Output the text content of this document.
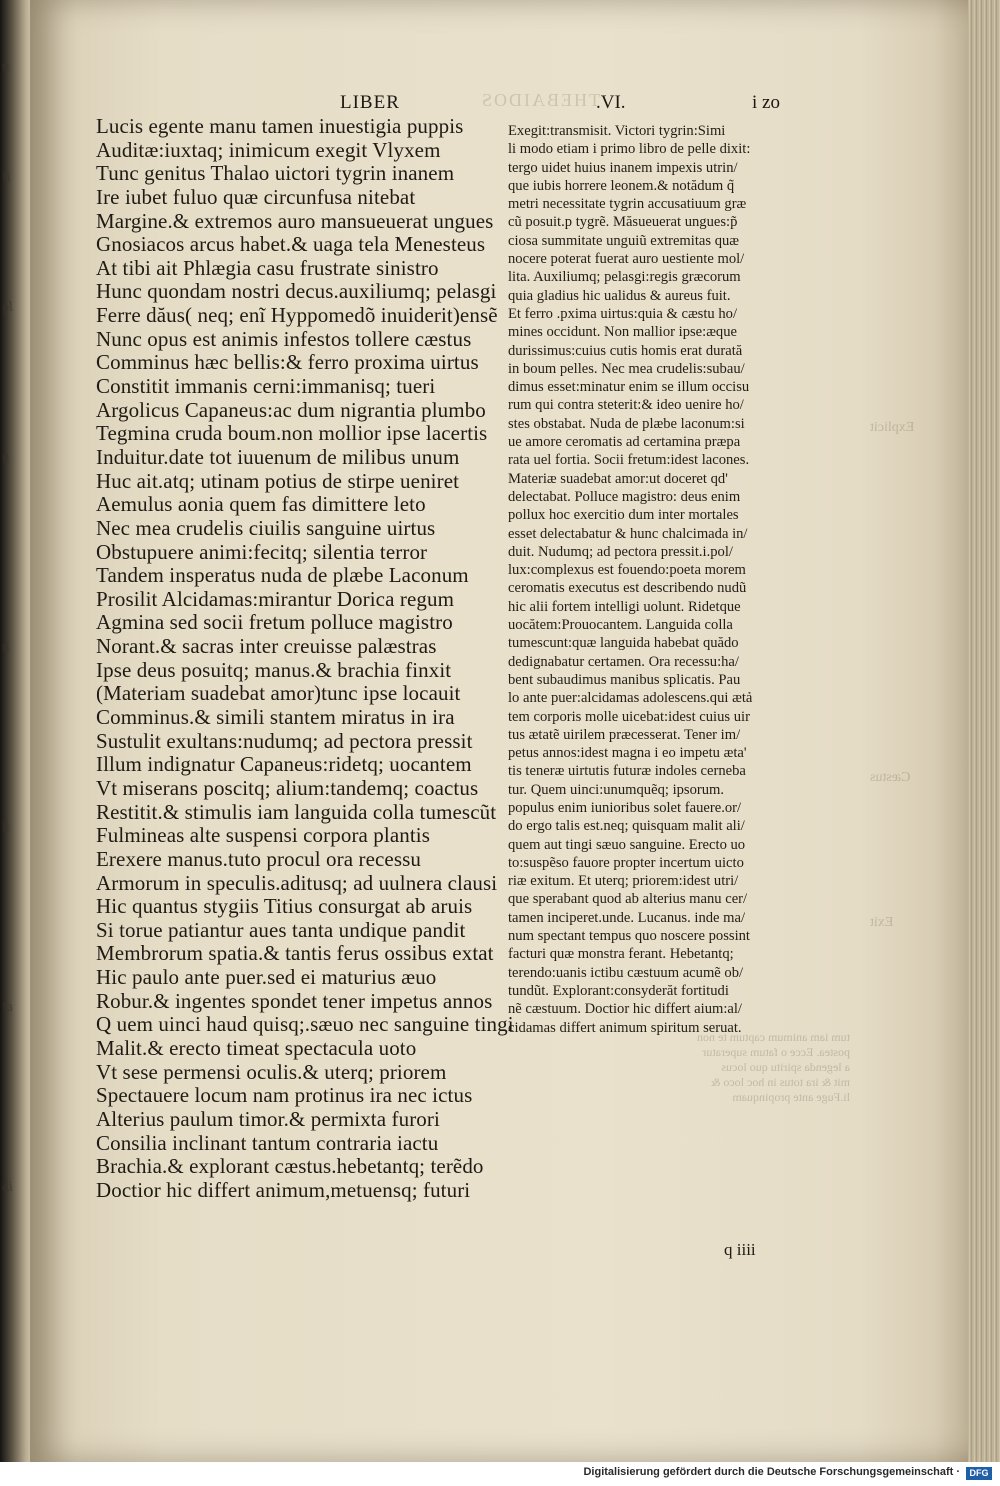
ti
fi
pl
p
ti
li
fa
di
THEBAIDOS
Explicit
Cæstus
Exit
LIBER	.VI.	i zo
Lucis egente manu tamen inuestigia puppis
Auditæ:iuxtaq; inimicum exegit Vlyxem
Tunc genitus Thalao uictori tygrin inanem
Ire iubet fuluo quæ circunfusa nitebat
Margine.& extremos auro mansueuerat ungues
Gnosiacos arcus habet.& uaga tela Menesteus
At tibi ait Phlægia casu frustrate sinistro
Hunc quondam nostri decus.auxiliumq; pelasgi
Ferre dăus( neq; enĩ Hyppomedõ inuiderit)ensẽ
Nunc opus est animis infestos tollere cæstus
Comminus hæc bellis:& ferro proxima uirtus
Constitit immanis cerni:immanisq; tueri
Argolicus Capaneus:ac dum nigrantia plumbo
Tegmina cruda boum.non mollior ipse lacertis
Induitur.date tot iuuenum de milibus unum
Huc ait.atq; utinam potius de stirpe ueniret
Aemulus aonia quem fas dimittere leto
Nec mea crudelis ciuilis sanguine uirtus
Obstupuere animi:fecitq; silentia terror
Tandem insperatus nuda de plæbe Laconum
Prosilit Alcidamas:mirantur Dorica regum
Agmina sed socii fretum polluce magistro
Norant.& sacras inter creuisse palæstras
Ipse deus posuitq; manus.& brachia finxit
(Materiam suadebat amor)tunc ipse locauit
Comminus.& simili stantem miratus in ira
Sustulit exultans:nudumq; ad pectora pressit
Illum indignatur Capaneus:ridetq; uocantem
Vt miserans poscitq; alium:tandemq; coactus
Restitit.& stimulis iam languida colla tumescũt
Fulmineas alte suspensi corpora plantis
Erexere manus.tuto procul ora recessu
Armorum in speculis.aditusq; ad uulnera clausi
Hic quantus stygiis Titius consurgat ab aruis
Si torue patiantur aues tanta undique pandit
Membrorum spatia.& tantis ferus ossibus extat
Hic paulo ante puer.sed ei maturius æuo
Robur.& ingentes spondet tener impetus annos
Q uem uinci haud quisq;.sæuo nec sanguine tingi
Malit.& erecto timeat spectacula uoto
Vt sese permensi oculis.& uterq; priorem
Spectauere locum nam protinus ira nec ictus
Alterius paulum timor.& permixta furori
Consilia inclinant tantum contraria iactu
Brachia.& explorant cæstus.hebetantq; terẽdo
Doctior hic differt animum,metuensq; futuri
Exegit:transmisit. Victori tygrin:Simi
li modo etiam i primo libro de pelle dixit:
tergo uidet huius inanem impexis utrin/
que iubis horrere leonem.& notădum q̃
metri necessitate tygrin accusatiuum græ
cũ posuit.p tygrẽ. Măsueuerat ungues:p̃
ciosa summitate unguiũ extremitas quæ
nocere poterat fuerat auro uestiente mol/
lita. Auxiliumq; pelasgi:regis græcorum
quia gladius hic ualidus & aureus fuit.
Et ferro .pxima uirtus:quia & cæstu ho/
mines occidunt. Non mallior ipse:æque
durissimus:cuius cutis homis erat durată
in boum pelles. Nec mea crudelis:subau/
dimus esset:minatur enim se illum occisu
rum qui contra steterit:& ideo uenire ho/
stes obstabat. Nuda de plæbe laconum:si
ue amore ceromatis ad certamina præpa
rata uel fortia. Socii fretum:idest lacones.
Materiæ suadebat amor:ut doceret qd'
delectabat. Polluce magistro: deus enim
pollux hoc exercitio dum inter mortales
esset delectabatur & hunc chalcimada in/
duit. Nudumq; ad pectora pressit.i.pol/
lux:complexus est fouendo:poeta morem
ceromatis executus est describendo nudũ
hic alii fortem intelligi uolunt. Ridetque
uocătem:Prouocantem. Languida colla
tumescunt:quæ languida habebat quădo
dedignabatur certamen. Ora recessu:ha/
bent subaudimus manibus splicatis. Pau
lo ante puer:alcidamas adolescens.qui ætả
tem corporis molle uicebat:idest cuius uir
tus ætatẽ uirilem præcesserat. Tener im/
petus annos:idest magna i eo impetu æta'
tis teneræ uirtutis futuræ indoles cerneba
tur. Quem uinci:unumquẽq; ipsorum.
populus enim iunioribus solet fauere.or/
do ergo talis est.neq; quisquam malit ali/
quem aut tingi sæuo sanguine. Erecto uo
to:suspẽso fauore propter incertum uicto
riæ exitum. Et uterq; priorem:idest utri/
que sperabant quod ab alterius manu cer/
tamen inciperet.unde. Lucanus. inde ma/
num spectant tempus quo noscere possint
facturi quæ monstra ferant. Hebetantq;
terendo:uanis ictibu cæstuum acumẽ ob/
tundũt. Explorant:consyderăt fortitudi
nẽ cæstuum. Doctior hic differt aium:al/
cidamas differt animum spiritum seruat.
tum iam animum captum te non
postea. Ecce o fatum superatur
a legenda spiritu quo locus
mit & ira totus in hoc loco &
li.Fuge ante propinquam
q iiii
Digitalisierung gefördert durch die Deutsche Forschungsgemeinschaft ·	DFG
